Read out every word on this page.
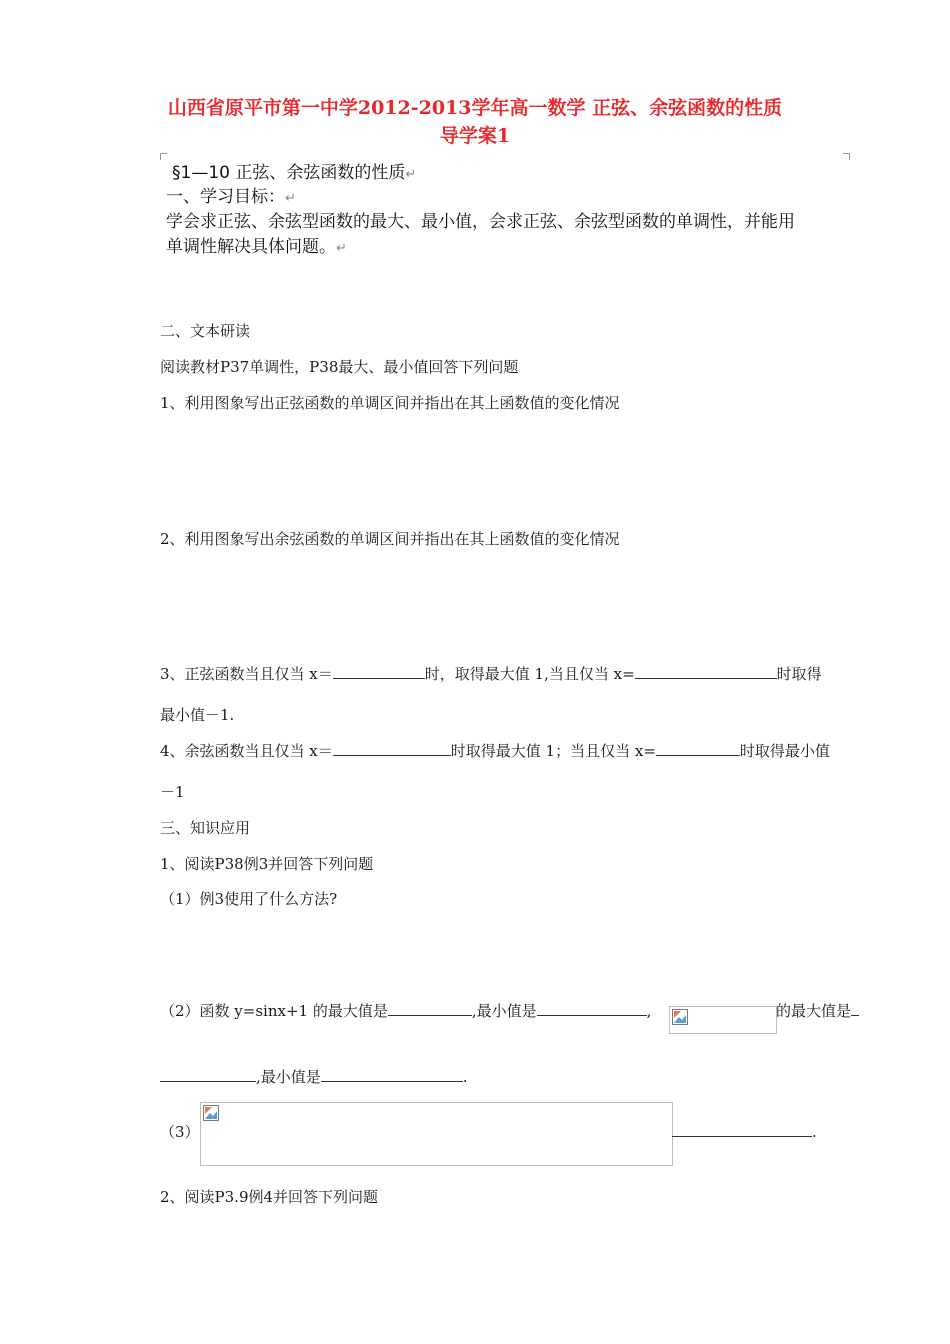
山西省原平市第一中学2012-2013学年高一数学 正弦、余弦函数的性质
导学案1
§1—10 正弦、余弦函数的性质↵
一、学习目标：↵
学会求正弦、余弦型函数的最大、最小值，会求正弦、余弦型函数的单调性，并能用
单调性解决具体问题。↵
二、文本研读
阅读教材P37单调性，P38最大、最小值回答下列问题
1、利用图象写出正弦函数的单调区间并指出在其上函数值的变化情况
2、利用图象写出余弦函数的单调区间并指出在其上函数值的变化情况
3、正弦函数当且仅当 x＝	时，取得最大值 1,当且仅当 x=	时取得
最小值－1.
4、余弦函数当且仅当 x＝	时取得最大值 1；当且仅当 x=	时取得最小值
－1
三、知识应用
1、阅读P38例3并回答下列问题
（1）例3使用了什么方法?
（2）函数 y=sinx+1 的最大值是	,最小值是	,	的最大值是
,最小值是	.
（3）	.
2、阅读P3.9例4并回答下列问题
